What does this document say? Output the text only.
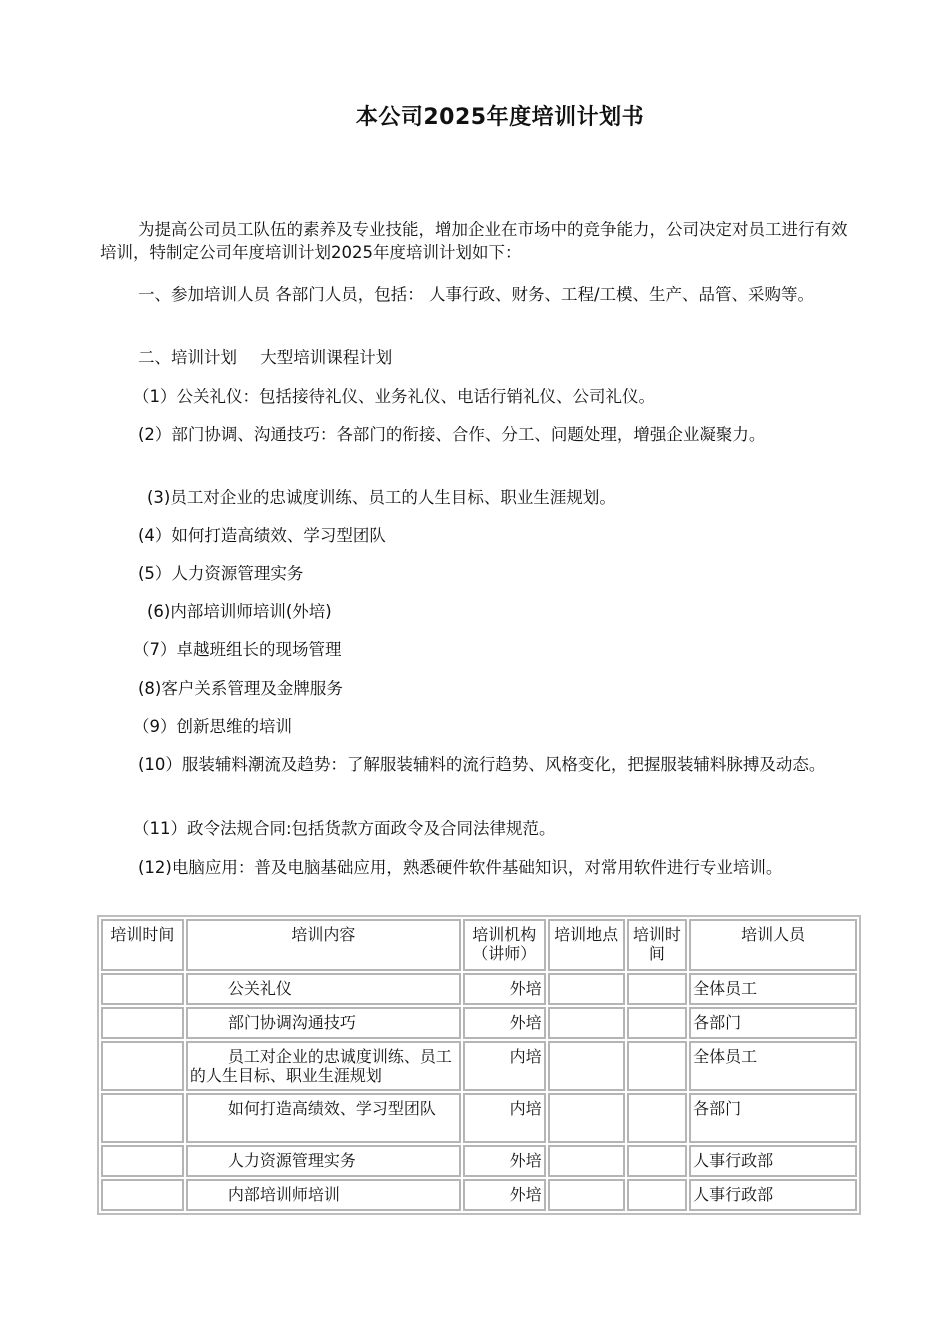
本公司2025年度培训计划书
为提高公司员工队伍的素养及专业技能，增加企业在市场中的竞争能力，公司决定对员工进行有效培训，特制定公司年度培训计划2025年度培训计划如下：
一、参加培训人员 各部门人员，包括： 人事行政、财务、工程/工模、生产、品管、采购等。
二、培训计划 大型培训课程计划
（1）公关礼仪：包括接待礼仪、业务礼仪、电话行销礼仪、公司礼仪。
(2）部门协调、沟通技巧：各部门的衔接、合作、分工、问题处理，增强企业凝聚力。
(3)员工对企业的忠诚度训练、员工的人生目标、职业生涯规划。
(4）如何打造高绩效、学习型团队
(5）人力资源管理实务
(6)内部培训师培训(外培)
（7）卓越班组长的现场管理
(8)客户关系管理及金牌服务
（9）创新思维的培训
(10）服装辅料潮流及趋势：了解服装辅料的流行趋势、风格变化，把握服装辅料脉搏及动态。
（11）政令法规合同:包括货款方面政令及合同法律规范。
(12)电脑应用：普及电脑基础应用，熟悉硬件软件基础知识，对常用软件进行专业培训。
培训时间	培训内容	培训机构（讲师）	培训地点	培训时间	培训人员
	公关礼仪	外培			全体员工
	部门协调沟通技巧	外培			各部门
	员工对企业的忠诚度训练、员工的人生目标、职业生涯规划	内培			全体员工
	如何打造高绩效、学习型团队	内培			各部门
	人力资源管理实务	外培			人事行政部
	内部培训师培训	外培			人事行政部
